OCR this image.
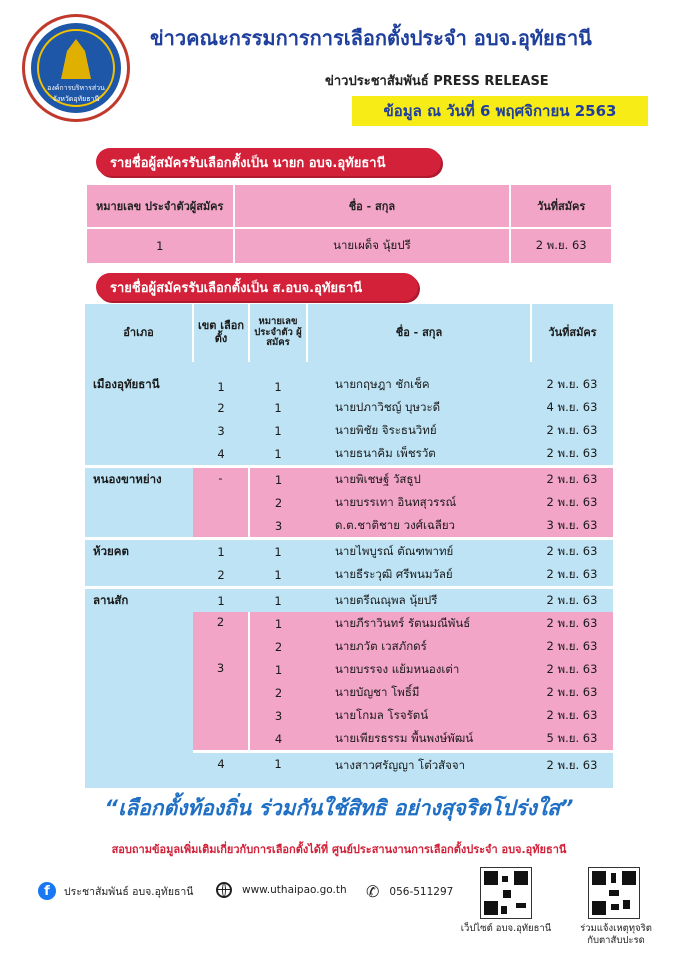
องค์การบริหารส่วนจังหวัดอุทัยธานี
ข่าวคณะกรรมการการเลือกตั้งประจำ อบจ.อุทัยธานี
ข่าวประชาสัมพันธ์ PRESS RELEASE
ข้อมูล ณ วันที่ 6 พฤศจิกายน 2563
รายชื่อผู้สมัครรับเลือกตั้งเป็น นายก อบจ.อุทัยธานี
หมายเลข ประจำตัวผู้สมัคร	ชื่อ - สกุล	วันที่สมัคร
1	นายเผด็จ นุ้ยปรี	2 พ.ย. 63
รายชื่อผู้สมัครรับเลือกตั้งเป็น ส.อบจ.อุทัยธานี
อำเภอ	เขต เลือกตั้ง	หมายเลข ประจำตัว ผู้สมัคร	ชื่อ - สกุล	วันที่สมัคร
เมืองอุทัยธานี	1	1	นายกฤษฎา ชักเช็ค	2 พ.ย. 63
	2	1	นายปภาวิชญ์ บุษวะดี	4 พ.ย. 63
	3	1	นายพิชัย จิระธนวิทย์	2 พ.ย. 63
	4	1	นายธนาคิม เพ็ชรวัต	2 พ.ย. 63
หนองขาหย่าง	-	1	นายพิเชษฐ์ วัสธูป	2 พ.ย. 63
		2	นายบรรเทา อินทสุวรรณ์	2 พ.ย. 63
		3	ด.ต.ชาติชาย วงศ์เฉลียว	3 พ.ย. 63
ห้วยคต	1	1	นายไพบูรณ์ ตัณฑพาทย์	2 พ.ย. 63
	2	1	นายธีระวุฒิ ศรีพนมวัลย์	2 พ.ย. 63
ลานสัก	1	1	นายตรีณณุพล นุ้ยปรี	2 พ.ย. 63
	2	1	นายภีราวินทร์ รัตนมณีพันธ์	2 พ.ย. 63
		2	นายภวัต เวสภักดร์	2 พ.ย. 63
	3	1	นายบรรจง แย้มหนองเต่า	2 พ.ย. 63
		2	นายบัญชา โพธิ์มี	2 พ.ย. 63
		3	นายโกมล โรจรัตน์	2 พ.ย. 63
		4	นายเพียรธรรม พื้นพงษ์พัฒน์	5 พ.ย. 63
	4	1	นางสาวศรัญญา โต๋วสัจจา	2 พ.ย. 63
“เลือกตั้งท้องถิ่น ร่วมกันใช้สิทธิ อย่างสุจริตโปร่งใส”
สอบถามข้อมูลเพิ่มเติมเกี่ยวกับการเลือกตั้งได้ที่ ศูนย์ประสานงานการเลือกตั้งประจำ อบจ.อุทัยธานี
f	ประชาสัมพันธ์ อบจ.อุทัยธานี	www.uthaipao.go.th ✆ 056-511297
เว็ปไซต์ อบจ.อุทัยธานี	ร่วมแจ้งเหตุทุจริต
กับตาสับปะรด
